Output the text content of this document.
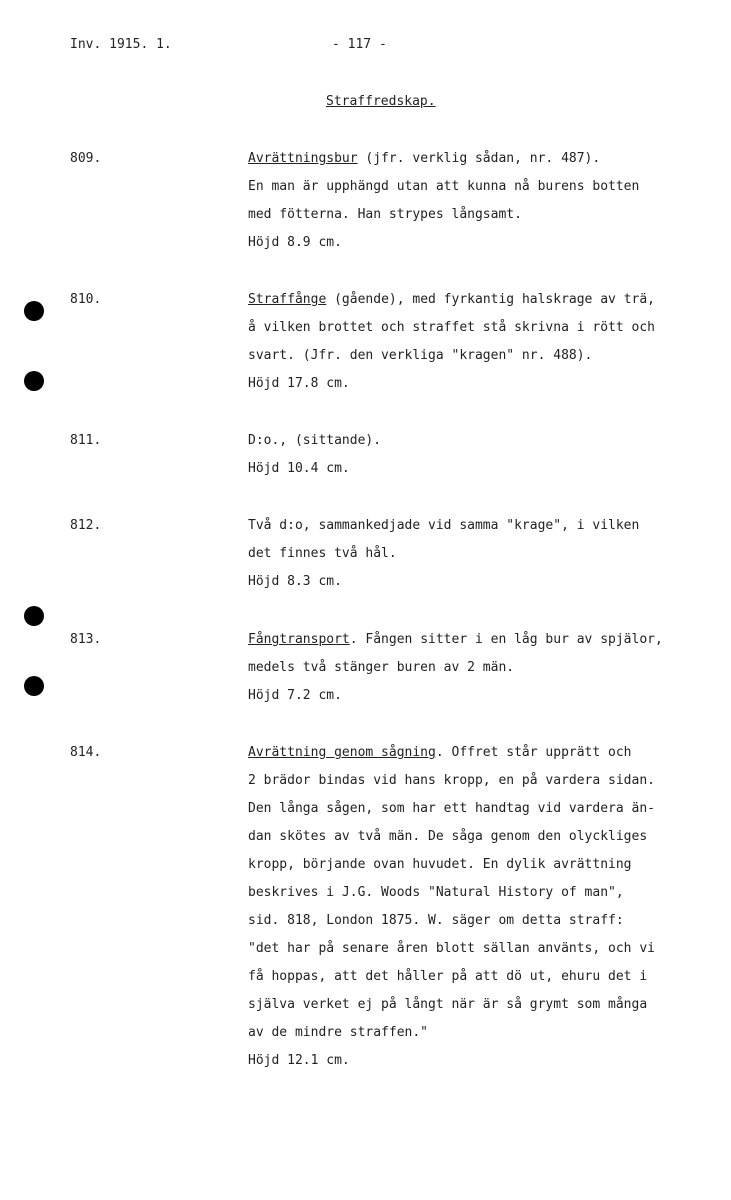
Inv. 1915. 1.	- 117 -
Straffredskap.
809.	Avrättningsbur (jfr. verklig sådan, nr. 487).
En man är upphängd utan att kunna nå burens botten
med fötterna. Han strypes långsamt.
Höjd 8.9 cm.
810.	Straffånge (gående), med fyrkantig halskrage av trä,
å vilken brottet och straffet stå skrivna i rött och
svart. (Jfr. den verkliga "kragen" nr. 488).
Höjd 17.8 cm.
811.	D:o., (sittande).
Höjd 10.4 cm.
812.	Två d:o, sammankedjade vid samma "krage", i vilken
det finnes två hål.
Höjd 8.3 cm.
813.	Fångtransport. Fången sitter i en låg bur av spjälor,
medels två stänger buren av 2 män.
Höjd 7.2 cm.
814.	Avrättning genom sågning. Offret står upprätt och
2 brädor bindas vid hans kropp, en på vardera sidan.
Den långa sågen, som har ett handtag vid vardera än-
dan skötes av två män. De såga genom den olyckliges
kropp, börjande ovan huvudet. En dylik avrättning
beskrives i J.G. Woods "Natural History of man",
sid. 818, London 1875. W. säger om detta straff:
"det har på senare åren blott sällan använts, och vi
få hoppas, att det håller på att dö ut, ehuru det i
själva verket ej på långt när är så grymt som många
av de mindre straffen."
Höjd 12.1 cm.
